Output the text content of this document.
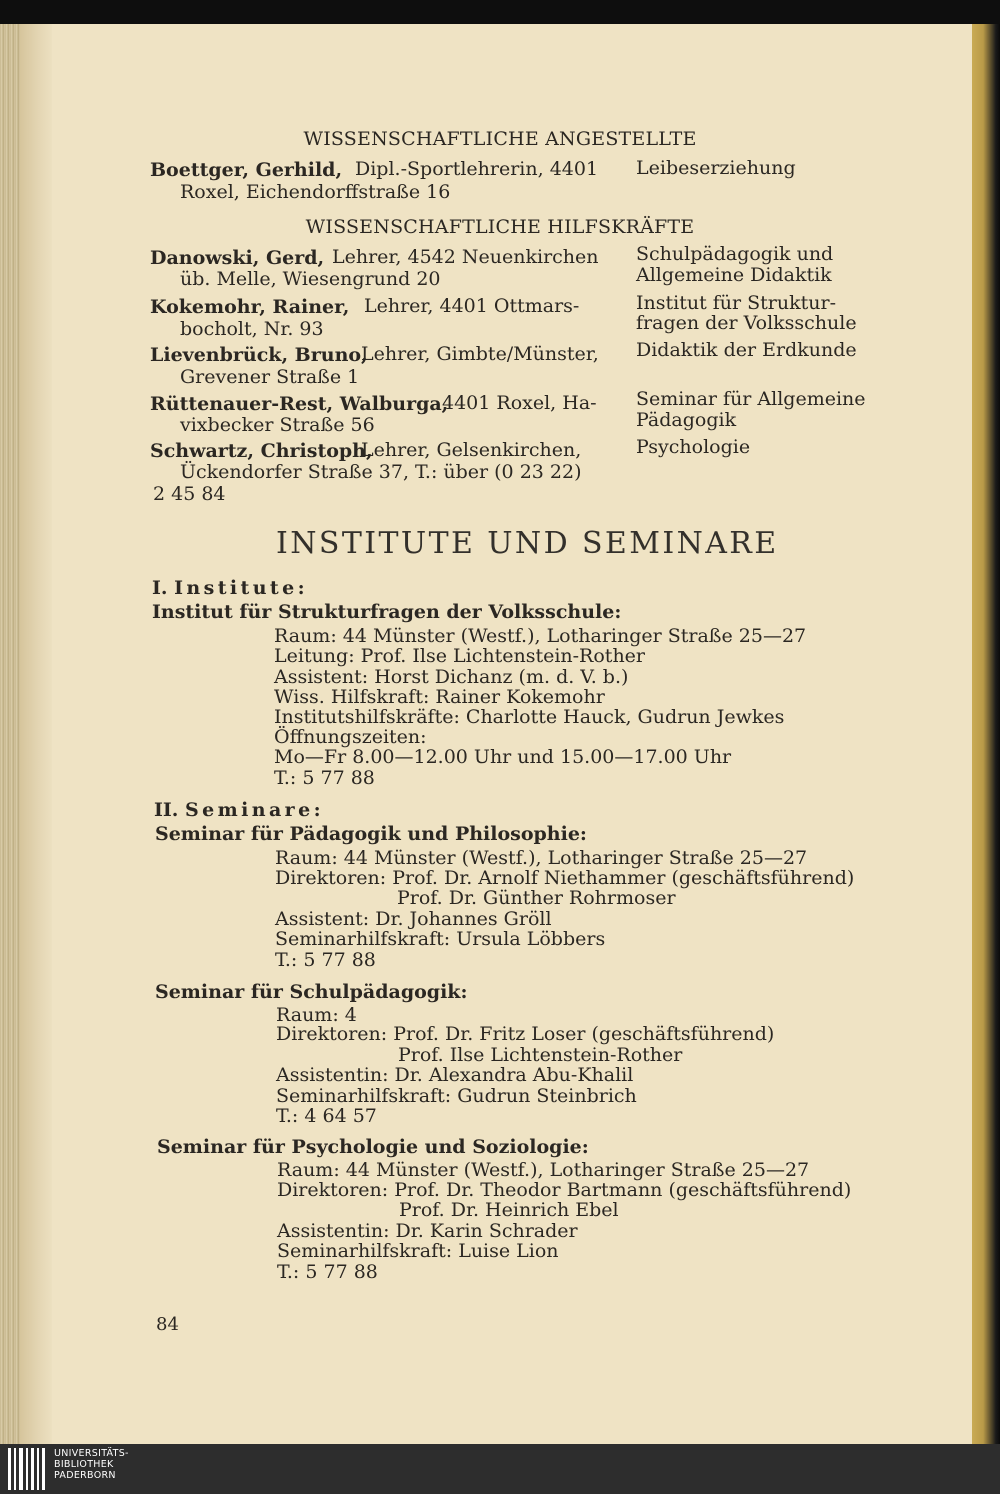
WISSENSCHAFTLICHE ANGESTELLTE
Boettger, Gerhild, Dipl.-Sportlehrerin, 4401
Roxel, Eichendorffstraße 16
Leibeserziehung
WISSENSCHAFTLICHE HILFSKRÄFTE
Danowski, Gerd, Lehrer, 4542 Neuenkirchen
üb. Melle, Wiesengrund 20
Schulpädagogik und
Allgemeine Didaktik
Kokemohr, Rainer, Lehrer, 4401 Ottmars-
bocholt, Nr. 93
Institut für Struktur-
fragen der Volksschule
Lievenbrück, Bruno,
Lehrer, Gimbte/Münster,
Grevener Straße 1
Didaktik der Erdkunde
Rüttenauer-Rest, Walburga,
4401 Roxel, Ha-
vixbecker Straße 56
Seminar für Allgemeine
Pädagogik
Schwartz, Christoph,
Lehrer, Gelsenkirchen,
Ückendorfer Straße 37, T.: über (0 23 22)
2 45 84
Psychologie
INSTITUTE UND SEMINARE
I. Institute:
Institut für Strukturfragen der Volksschule:
Raum: 44 Münster (Westf.), Lotharinger Straße 25—27
Leitung: Prof. Ilse Lichtenstein-Rother
Assistent: Horst Dichanz (m. d. V. b.)
Wiss. Hilfskraft: Rainer Kokemohr
Institutshilfskräfte: Charlotte Hauck, Gudrun Jewkes
Öffnungszeiten:
Mo—Fr 8.00—12.00 Uhr und 15.00—17.00 Uhr
T.: 5 77 88
II. Seminare:
Seminar für Pädagogik und Philosophie:
Raum: 44 Münster (Westf.), Lotharinger Straße 25—27
Direktoren: Prof. Dr. Arnolf Niethammer (geschäftsführend)
Prof. Dr. Günther Rohrmoser
Assistent: Dr. Johannes Gröll
Seminarhilfskraft: Ursula Löbbers
T.: 5 77 88
Seminar für Schulpädagogik:
Raum: 4
Direktoren: Prof. Dr. Fritz Loser (geschäftsführend)
Prof. Ilse Lichtenstein-Rother
Assistentin: Dr. Alexandra Abu-Khalil
Seminarhilfskraft: Gudrun Steinbrich
T.: 4 64 57
Seminar für Psychologie und Soziologie:
Raum: 44 Münster (Westf.), Lotharinger Straße 25—27
Direktoren: Prof. Dr. Theodor Bartmann (geschäftsführend)
Prof. Dr. Heinrich Ebel
Assistentin: Dr. Karin Schrader
Seminarhilfskraft: Luise Lion
T.: 5 77 88
84
UNIVERSITÄTS-
BIBLIOTHEK
PADERBORN
